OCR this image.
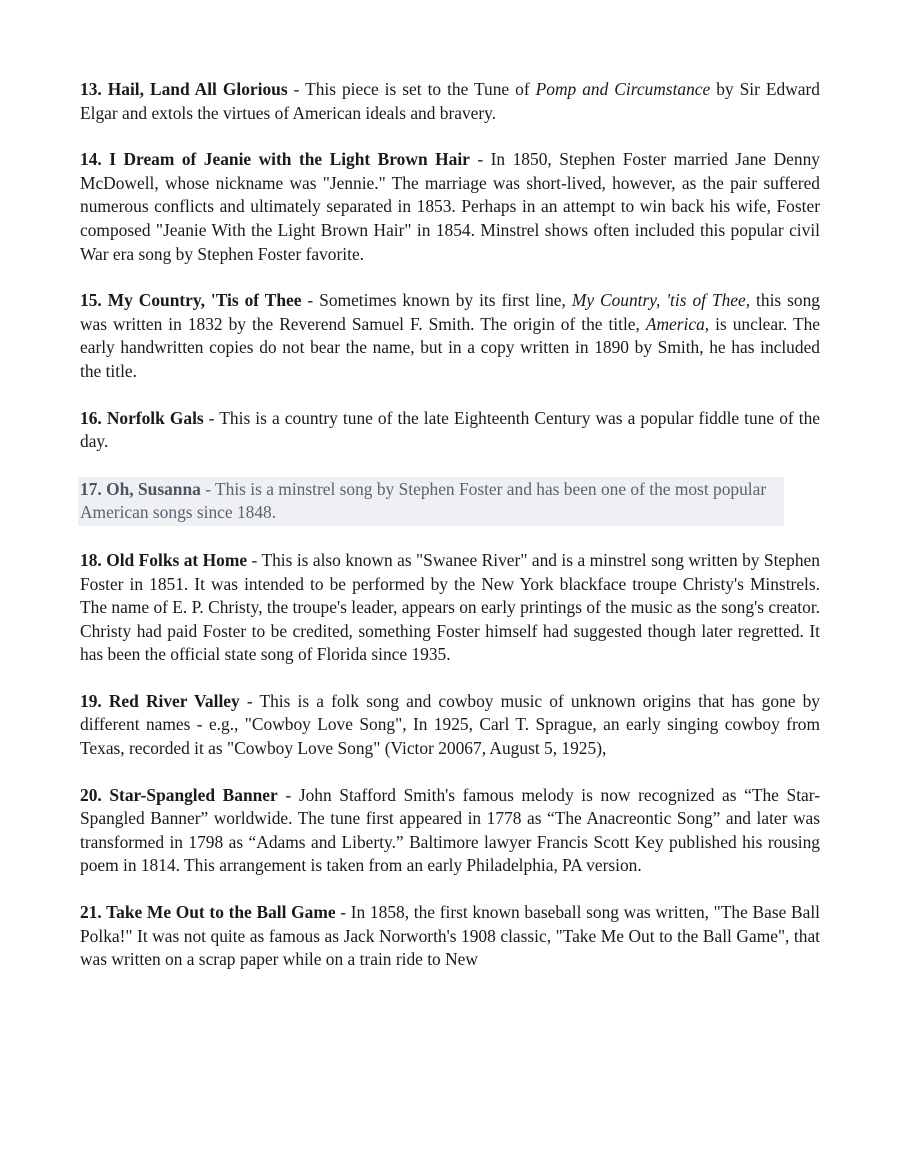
13. Hail, Land All Glorious - This piece is set to the Tune of Pomp and Circumstance by Sir Edward Elgar and extols the virtues of American ideals and bravery.

14. I Dream of Jeanie with the Light Brown Hair - In 1850, Stephen Foster married Jane Denny McDowell, whose nickname was "Jennie." The marriage was short-lived, however, as the pair suffered numerous conflicts and ultimately separated in 1853. Perhaps in an attempt to win back his wife, Foster composed "Jeanie With the Light Brown Hair" in 1854. Minstrel shows often included this popular civil War era song by Stephen Foster favorite.

15. My Country, 'Tis of Thee - Sometimes known by its first line, My Country, 'tis of Thee, this song was written in 1832 by the Reverend Samuel F. Smith. The origin of the title, America, is unclear. The early handwritten copies do not bear the name, but in a copy written in 1890 by Smith, he has included the title.

16. Norfolk Gals - This is a country tune of the late Eighteenth Century was a popular fiddle tune of the day.

17. Oh, Susanna - This is a minstrel song by Stephen Foster and has been one of the most popular American songs since 1848.

18. Old Folks at Home - This is also known as "Swanee River" and is a minstrel song written by Stephen Foster in 1851. It was intended to be performed by the New York blackface troupe Christy's Minstrels. The name of E. P. Christy, the troupe's leader, appears on early printings of the music as the song's creator. Christy had paid Foster to be credited, something Foster himself had suggested though later regretted. It has been the official state song of Florida since 1935.

19. Red River Valley - This is a folk song and cowboy music of unknown origins that has gone by different names - e.g., "Cowboy Love Song", In 1925, Carl T. Sprague, an early singing cowboy from Texas, recorded it as "Cowboy Love Song" (Victor 20067, August 5, 1925),

20. Star-Spangled Banner - John Stafford Smith's famous melody is now recognized as “The Star-Spangled Banner” worldwide. The tune first appeared in 1778 as “The Anacreontic Song” and later was transformed in 1798 as “Adams and Liberty.” Baltimore lawyer Francis Scott Key published his rousing poem in 1814. This arrangement is taken from an early Philadelphia, PA version.

21. Take Me Out to the Ball Game - In 1858, the first known baseball song was written, "The Base Ball Polka!" It was not quite as famous as Jack Norworth's 1908 classic, "Take Me Out to the Ball Game", that was written on a scrap paper while on a train ride to New
